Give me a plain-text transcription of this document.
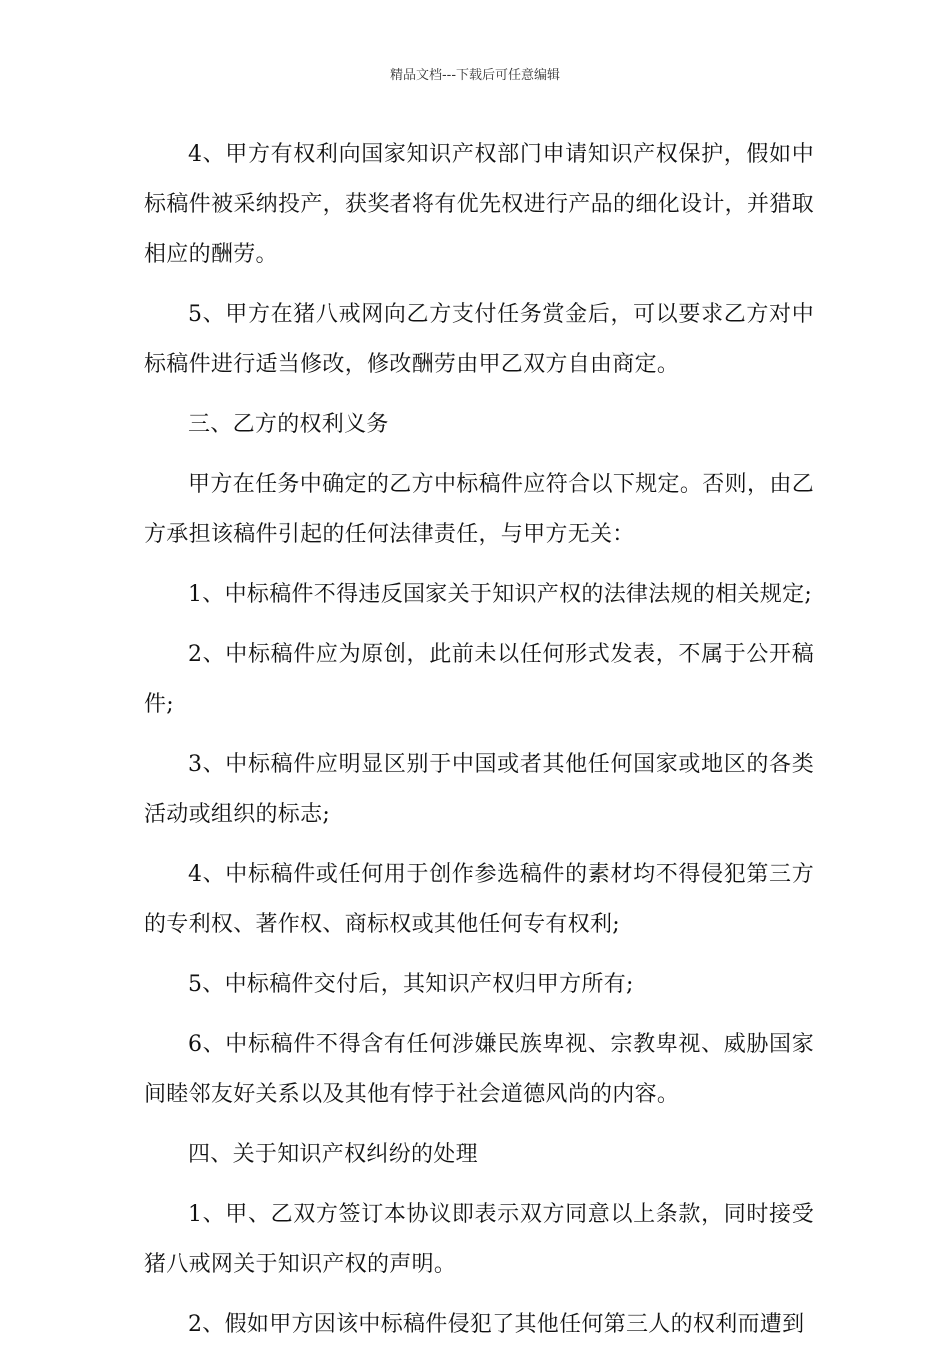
精品文档---下载后可任意编辑

4、甲方有权利向国家知识产权部门申请知识产权保护，假如中标稿件被采纳投产，获奖者将有优先权进行产品的细化设计，并猎取相应的酬劳。

5、甲方在猪八戒网向乙方支付任务赏金后，可以要求乙方对中标稿件进行适当修改，修改酬劳由甲乙双方自由商定。

三、乙方的权利义务

甲方在任务中确定的乙方中标稿件应符合以下规定。否则，由乙方承担该稿件引起的任何法律责任，与甲方无关：

1、中标稿件不得违反国家关于知识产权的法律法规的相关规定;

2、中标稿件应为原创，此前未以任何形式发表，不属于公开稿件;

3、中标稿件应明显区别于中国或者其他任何国家或地区的各类活动或组织的标志;

4、中标稿件或任何用于创作参选稿件的素材均不得侵犯第三方的专利权、著作权、商标权或其他任何专有权利;

5、中标稿件交付后，其知识产权归甲方所有;

6、中标稿件不得含有任何涉嫌民族卑视、宗教卑视、威胁国家间睦邻友好关系以及其他有悖于社会道德风尚的内容。

四、关于知识产权纠纷的处理

1、甲、乙双方签订本协议即表示双方同意以上条款，同时接受猪八戒网关于知识产权的声明。

2、假如甲方因该中标稿件侵犯了其他任何第三人的权利而遭到
